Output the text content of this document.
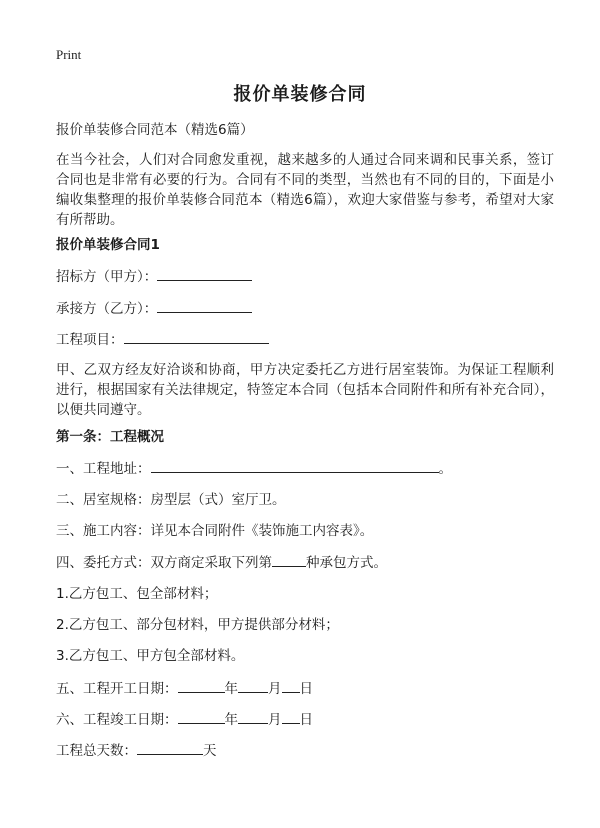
Print
报价单装修合同
报价单装修合同范本（精选6篇）
在当今社会，人们对合同愈发重视，越来越多的人通过合同来调和民事关系，签订合同也是非常有必要的行为。合同有不同的类型，当然也有不同的目的，下面是小编收集整理的报价单装修合同范本（精选6篇），欢迎大家借鉴与参考，希望对大家有所帮助。
报价单装修合同1
招标方（甲方）：
承接方（乙方）：
工程项目：
甲、乙双方经友好洽谈和协商，甲方决定委托乙方进行居室装饰。为保证工程顺利进行，根据国家有关法律规定，特签定本合同（包括本合同附件和所有补充合同），以便共同遵守。
第一条：工程概况
一、工程地址：	。
二、居室规格：房型层（式）室厅卫。
三、施工内容：详见本合同附件《装饰施工内容表》。
四、委托方式：双方商定采取下列第	种承包方式。
1.乙方包工、包全部材料；
2.乙方包工、部分包材料，甲方提供部分材料；
3.乙方包工、甲方包全部材料。
五、工程开工日期：	年 月 日
六、工程竣工日期：	年 月 日
工程总天数：	天
